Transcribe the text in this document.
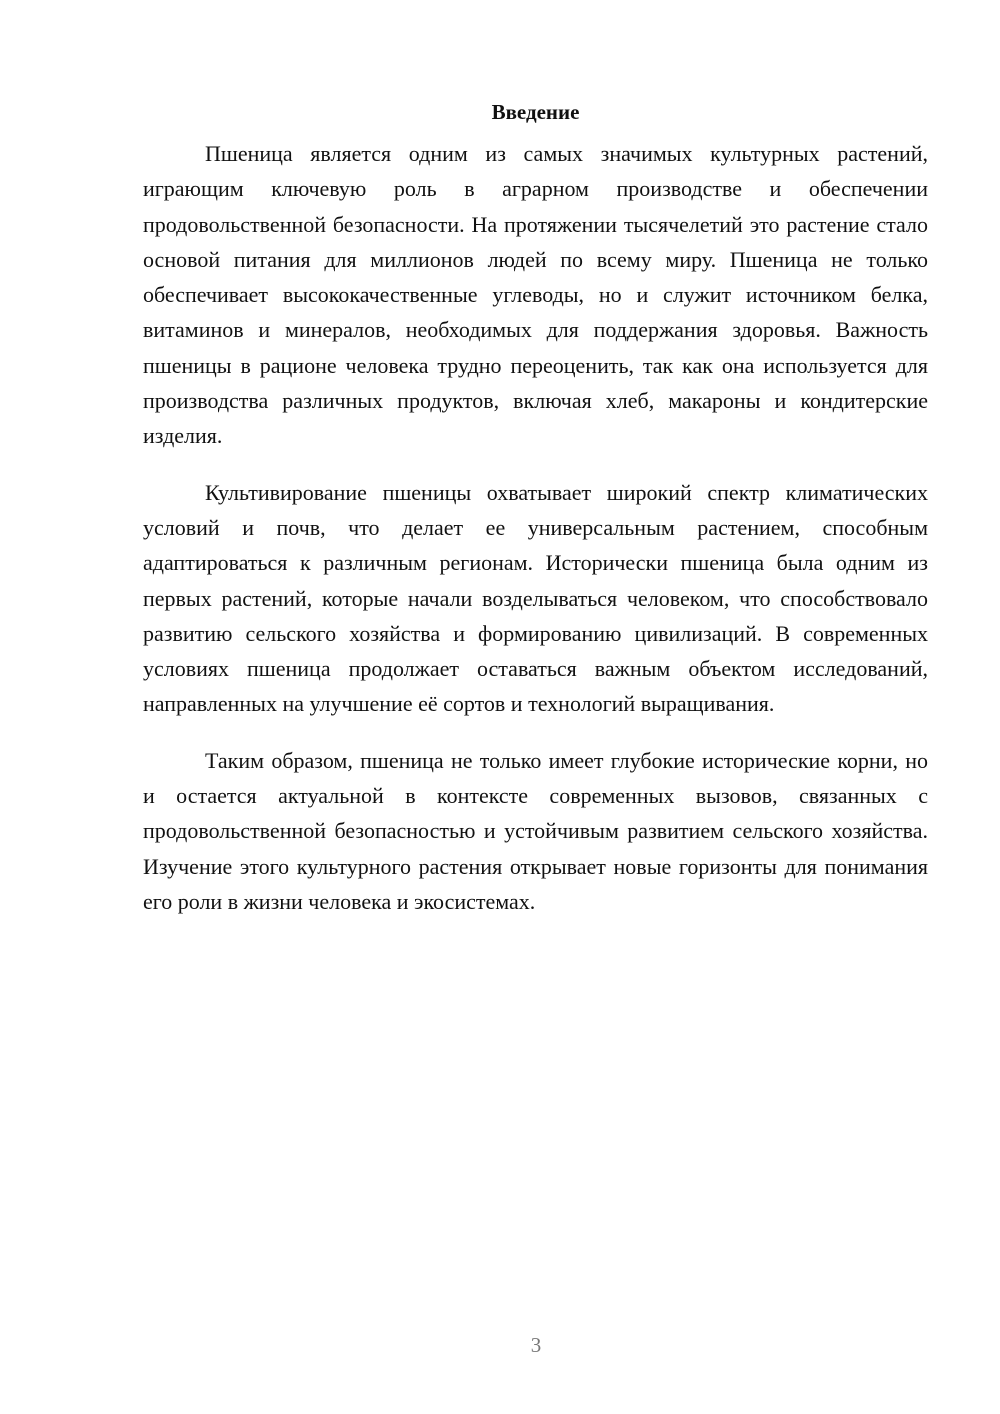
Введение

Пшеница является одним из самых значимых культурных растений, играющим ключевую роль в аграрном производстве и обеспечении продовольственной безопасности. На протяжении тысячелетий это растение стало основой питания для миллионов людей по всему миру. Пшеница не только обеспечивает высококачественные углеводы, но и служит источником белка, витаминов и минералов, необходимых для поддержания здоровья. Важность пшеницы в рационе человека трудно переоценить, так как она используется для производства различных продуктов, включая хлеб, макароны и кондитерские изделия.

Культивирование пшеницы охватывает широкий спектр климатических условий и почв, что делает ее универсальным растением, способным адаптироваться к различным регионам. Исторически пшеница была одним из первых растений, которые начали возделываться человеком, что способствовало развитию сельского хозяйства и формированию цивилизаций. В современных условиях пшеница продолжает оставаться важным объектом исследований, направленных на улучшение её сортов и технологий выращивания.

Таким образом, пшеница не только имеет глубокие исторические корни, но и остается актуальной в контексте современных вызовов, связанных с продовольственной безопасностью и устойчивым развитием сельского хозяйства. Изучение этого культурного растения открывает новые горизонты для понимания его роли в жизни человека и экосистемах.

3
